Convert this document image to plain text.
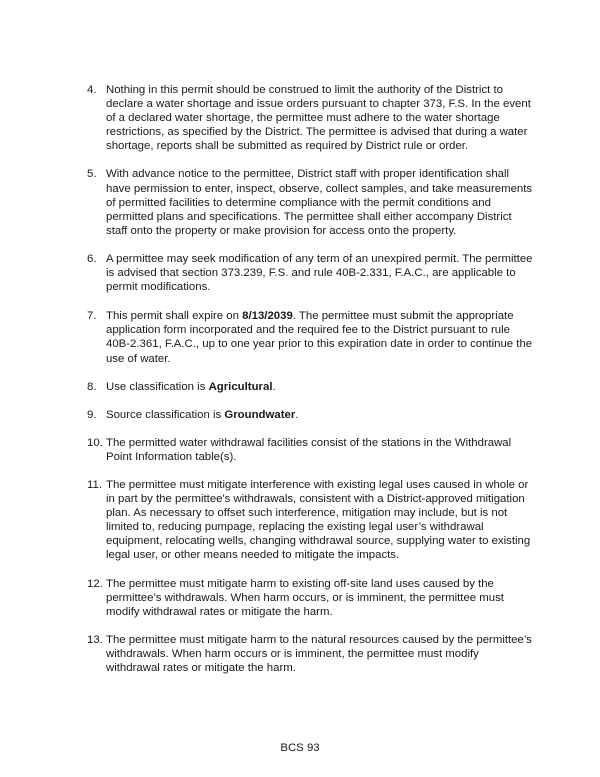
4. Nothing in this permit should be construed to limit the authority of the District to declare a water shortage and issue orders pursuant to chapter 373, F.S. In the event of a declared water shortage, the permittee must adhere to the water shortage restrictions, as specified by the District. The permittee is advised that during a water shortage, reports shall be submitted as required by District rule or order.
5. With advance notice to the permittee, District staff with proper identification shall have permission to enter, inspect, observe, collect samples, and take measurements of permitted facilities to determine compliance with the permit conditions and permitted plans and specifications. The permittee shall either accompany District staff onto the property or make provision for access onto the property.
6. A permittee may seek modification of any term of an unexpired permit. The permittee is advised that section 373.239, F.S. and rule 40B-2.331, F.A.C., are applicable to permit modifications.
7. This permit shall expire on 8/13/2039. The permittee must submit the appropriate application form incorporated and the required fee to the District pursuant to rule 40B-2.361, F.A.C., up to one year prior to this expiration date in order to continue the use of water.
8. Use classification is Agricultural.
9. Source classification is Groundwater.
10. The permitted water withdrawal facilities consist of the stations in the Withdrawal Point Information table(s).
11. The permittee must mitigate interference with existing legal uses caused in whole or in part by the permittee's withdrawals, consistent with a District-approved mitigation plan. As necessary to offset such interference, mitigation may include, but is not limited to, reducing pumpage, replacing the existing legal user’s withdrawal equipment, relocating wells, changing withdrawal source, supplying water to existing legal user, or other means needed to mitigate the impacts.
12. The permittee must mitigate harm to existing off-site land uses caused by the permittee’s withdrawals. When harm occurs, or is imminent, the permittee must modify withdrawal rates or mitigate the harm.
13. The permittee must mitigate harm to the natural resources caused by the permittee’s withdrawals. When harm occurs or is imminent, the permittee must modify withdrawal rates or mitigate the harm.
BCS 93
